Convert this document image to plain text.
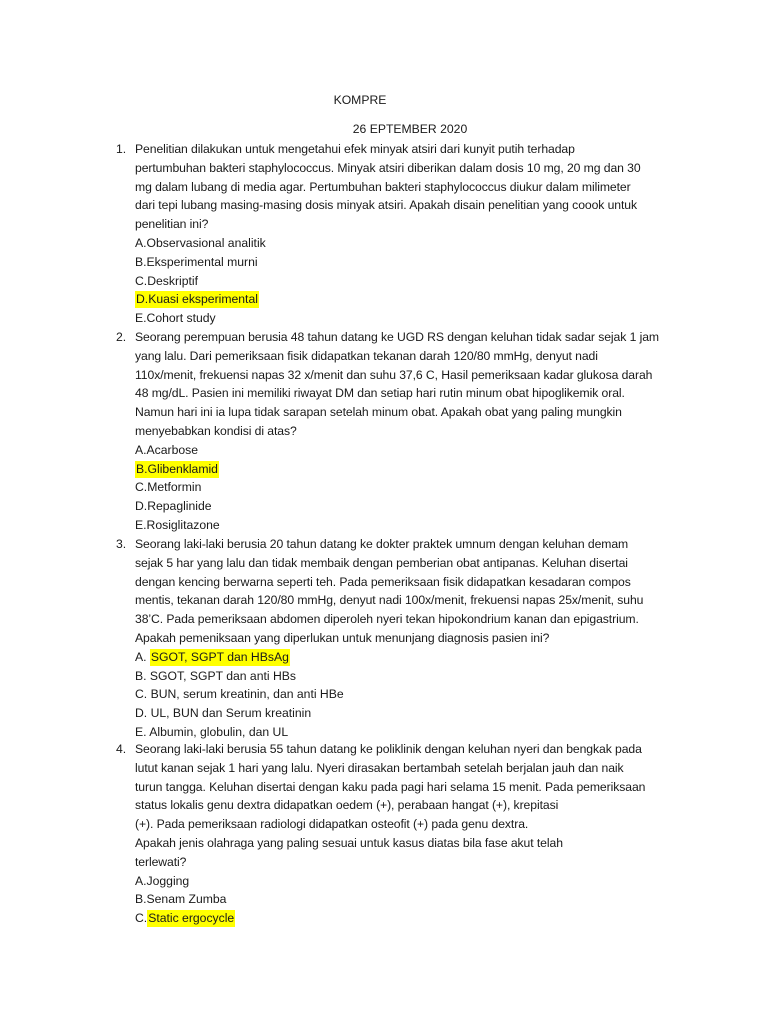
KOMPRE
26 EPTEMBER 2020
1. Penelitian dilakukan untuk mengetahui efek minyak atsiri dari kunyit putih terhadap
pertumbuhan bakteri staphylococcus. Minyak atsiri diberikan dalam dosis 10 mg, 20 mg dan 30
mg dalam lubang di media agar. Pertumbuhan bakteri staphylococcus diukur dalam milimeter
dari tepi lubang masing-masing dosis minyak atsiri. Apakah disain penelitian yang coook untuk
penelitian ini?
A.Observasional analitik
B.Eksperimental murni
C.Deskriptif
D.Kuasi eksperimental
E.Cohort study
2. Seorang perempuan berusia 48 tahun datang ke UGD RS dengan keluhan tidak sadar sejak 1 jam
yang lalu. Dari pemeriksaan fisik didapatkan tekanan darah 120/80 mmHg, denyut nadi
110x/menit, frekuensi napas 32 x/menit dan suhu 37,6 C, Hasil pemeriksaan kadar glukosa darah
48 mg/dL. Pasien ini memiliki riwayat DM dan setiap hari rutin minum obat hipoglikemik oral.
Namun hari ini ia lupa tidak sarapan setelah minum obat. Apakah obat yang paling mungkin
menyebabkan kondisi di atas?
A.Acarbose
B.Glibenklamid
C.Metformin
D.Repaglinide
E.Rosiglitazone
3. Seorang laki-laki berusia 20 tahun datang ke dokter praktek umnum dengan keluhan demam
sejak 5 har yang lalu dan tidak membaik dengan pemberian obat antipanas. Keluhan disertai
dengan kencing berwarna seperti teh. Pada pemeriksaan fisik didapatkan kesadaran compos
mentis, tekanan darah 120/80 mmHg, denyut nadi 100x/menit, frekuensi napas 25x/menit, suhu
38’C. Pada pemeriksaan abdomen diperoleh nyeri tekan hipokondrium kanan dan epigastrium.
Apakah pemeniksaan yang diperlukan untuk menunjang diagnosis pasien ini?
A. SGOT, SGPT dan HBsAg
B. SGOT, SGPT dan anti HBs
C. BUN, serum kreatinin, dan anti HBe
D. UL, BUN dan Serum kreatinin
E. Albumin, globulin, dan UL
4. Seorang laki-laki berusia 55 tahun datang ke poliklinik dengan keluhan nyeri dan bengkak pada
lutut kanan sejak 1 hari yang lalu. Nyeri dirasakan bertambah setelah berjalan jauh dan naik
turun tangga. Keluhan disertai dengan kaku pada pagi hari selama 15 menit. Pada pemeriksaan
status lokalis genu dextra didapatkan oedem (+), perabaan hangat (+), krepitasi
(+). Pada pemeriksaan radiologi didapatkan osteofit (+) pada genu dextra.
Apakah jenis olahraga yang paling sesuai untuk kasus diatas bila fase akut telah
terlewati?
A.Jogging
B.Senam Zumba
C.Static ergocycle
